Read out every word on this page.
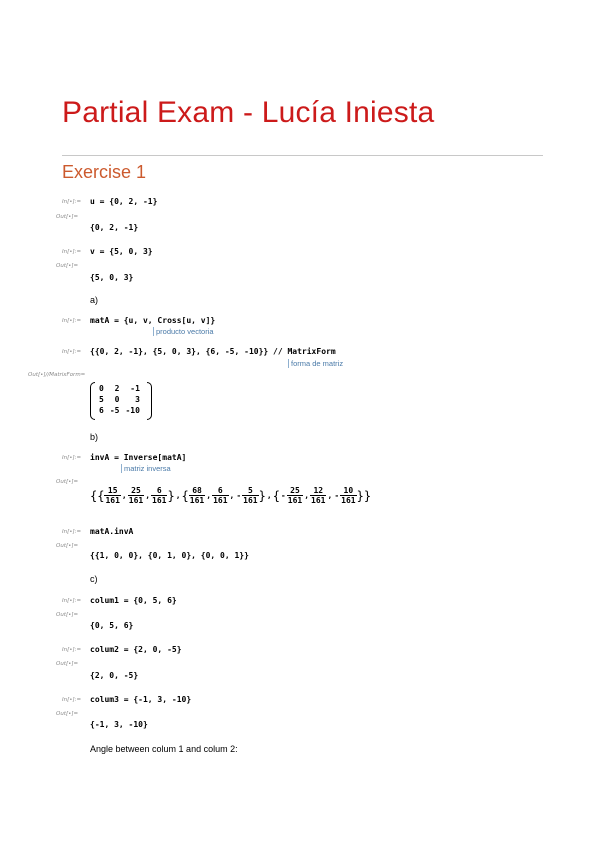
Partial Exam - Lucía Iniesta
Exercise 1
In[•]:= u = {0, 2, -1}
Out[•]=
{0, 2, -1}
In[•]:= v = {5, 0, 3}
Out[•]=
{5, 0, 3}
a)
In[•]:= matA = {u, v, Cross[u, v]}
producto vectoria
In[•]:= {{0, 2, -1}, {5, 0, 3}, {6, -5, -10}} // MatrixForm
forma de matriz
Out[•]//MatrixForm=
0	2	-1
5	0	3
6	-5	-10
b)
In[•]:= invA = Inverse[matA]
matriz inversa
Out[•]=
{{ $\frac{15}{161}$ , $\frac{25}{161}$ , $\frac{6}{161}$ },{ $\frac{68}{161}$ , $\frac{6}{161}$ , - $\frac{5}{161}$ },{- $\frac{25}{161}$ , $\frac{12}{161}$ , - $\frac{10}{161}$ }}
In[•]:= matA.invA
Out[•]=
{{1, 0, 0}, {0, 1, 0}, {0, 0, 1}}
c)
In[•]:= colum1 = {0, 5, 6}
Out[•]=
{0, 5, 6}
In[•]:= colum2 = {2, 0, -5}
Out[•]=
{2, 0, -5}
In[•]:= colum3 = {-1, 3, -10}
Out[•]=
{-1, 3, -10}
Angle between colum 1 and colum 2:
